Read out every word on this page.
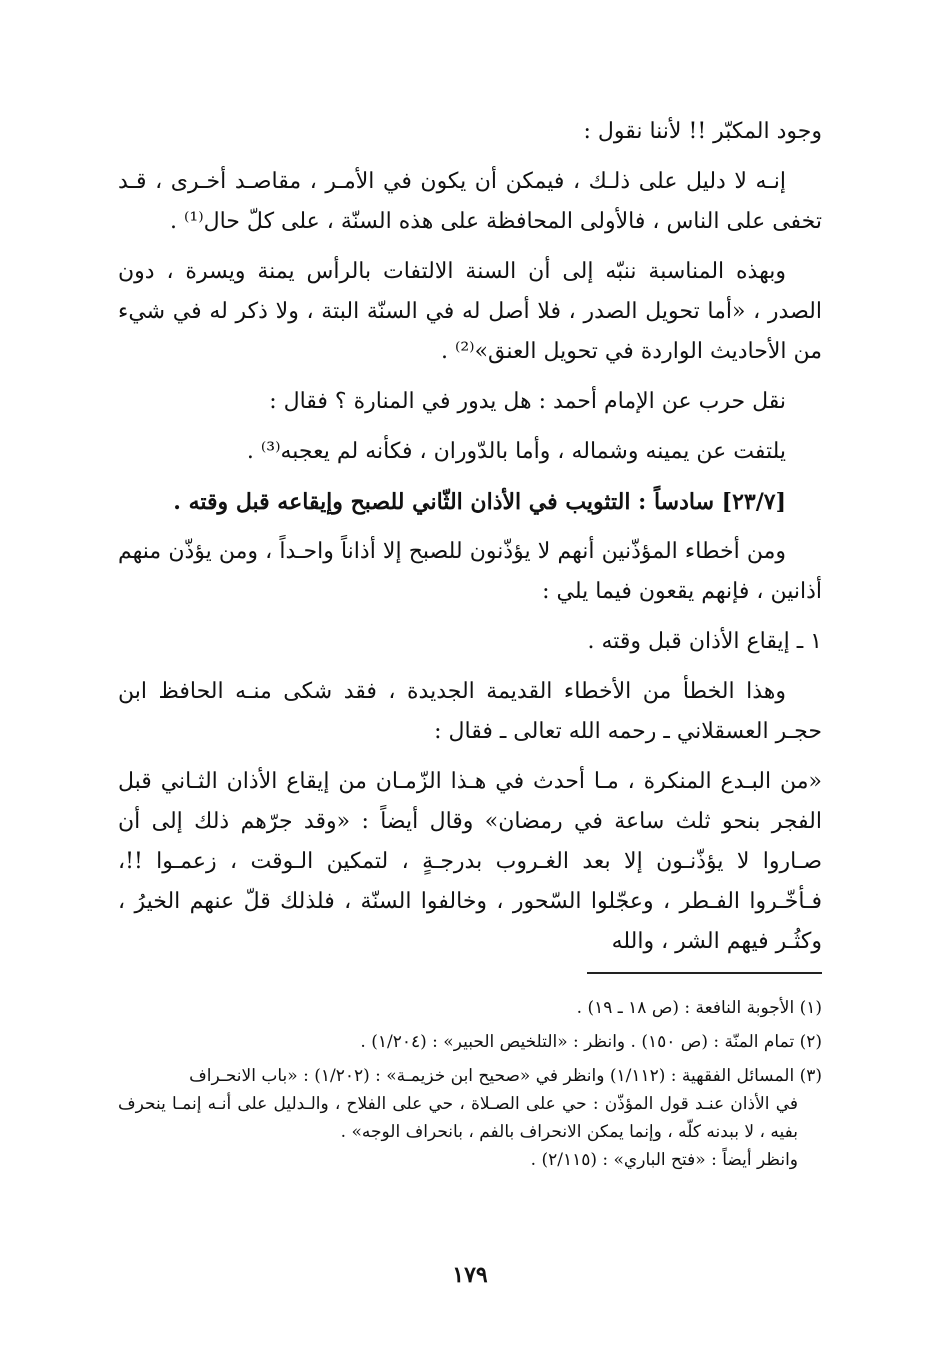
وجود المكبّر !! لأننا نقول :

إنـه لا دليل على ذلـك ، فيمكن أن يكون في الأمـر ، مقاصـد أخـرى ، قـد تخفى على الناس ، فالأولى المحافظة على هذه السنّة ، على كلّ حال⁽¹⁾ .

وبهذه المناسبة ننبّه إلى أن السنة الالتفات بالرأس يمنة ويسرة ، دون الصدر ، «أما تحويل الصدر ، فلا أصل له في السنّة البتة ، ولا ذكر له في شيء من الأحاديث الواردة في تحويل العنق»⁽²⁾ .

نقل حرب عن الإمام أحمد : هل يدور في المنارة ؟ فقال :

يلتفت عن يمينه وشماله ، وأما بالدّوران ، فكأنه لم يعجبه⁽³⁾ .

[٢٣/٧] سادساً : التثويب في الأذان الثّاني للصبح وإيقاعه قبل وقته .

ومن أخطاء المؤذّنين أنهم لا يؤذّنون للصبح إلا أذاناً واحـداً ، ومن يؤذّن منهم أذانين ، فإنهم يقعون فيما يلي :

١ ـ إيقاع الأذان قبل وقته .

وهذا الخطأ من الأخطاء القديمة الجديدة ، فقد شكى منـه الحافظ ابن حجـر العسقلاني ـ رحمه الله تعالى ـ فقال :

«من البـدع المنكرة ، مـا أحدث في هـذا الزّمـان من إيقاع الأذان الثـاني قبل الفجر بنحو ثلث ساعة في رمضان» وقال أيضاً : «وقد جرّهم ذلك إلى أن صـاروا لا يؤذّنـون إلا بعد الغـروب بدرجـةٍ ، لتمكين الـوقت ، زعمـوا !!، فـأخّـروا الفـطر ، وعجّلوا السّحور ، وخالفوا السنّة ، فلذلك قلّ عنهم الخيرُ ، وكثُـر فيهم الشر ، والله

(١) الأجوبة النافعة : (ص ١٨ ـ ١٩) .

(٢) تمام المنّة : (ص ١٥٠) . وانظر : «التلخيص الحبير» : (١/٢٠٤) .

(٣) المسائل الفقهية : (١/١١٢) وانظر في «صحيح ابن خزيمـة» : (١/٢٠٢) : «باب الانحـراف

في الأذان عنـد قول المؤذّن : حي على الصـلاة ، حي على الفلاح ، والـدليل على أنـه إنمـا ينحرف بفيه ، لا ببدنه كلّه ، وإنما يمكن الانحراف بالفم ، بانحراف الوجه» .

وانظر أيضاً : «فتح الباري» : (٢/١١٥) .

١٧٩
